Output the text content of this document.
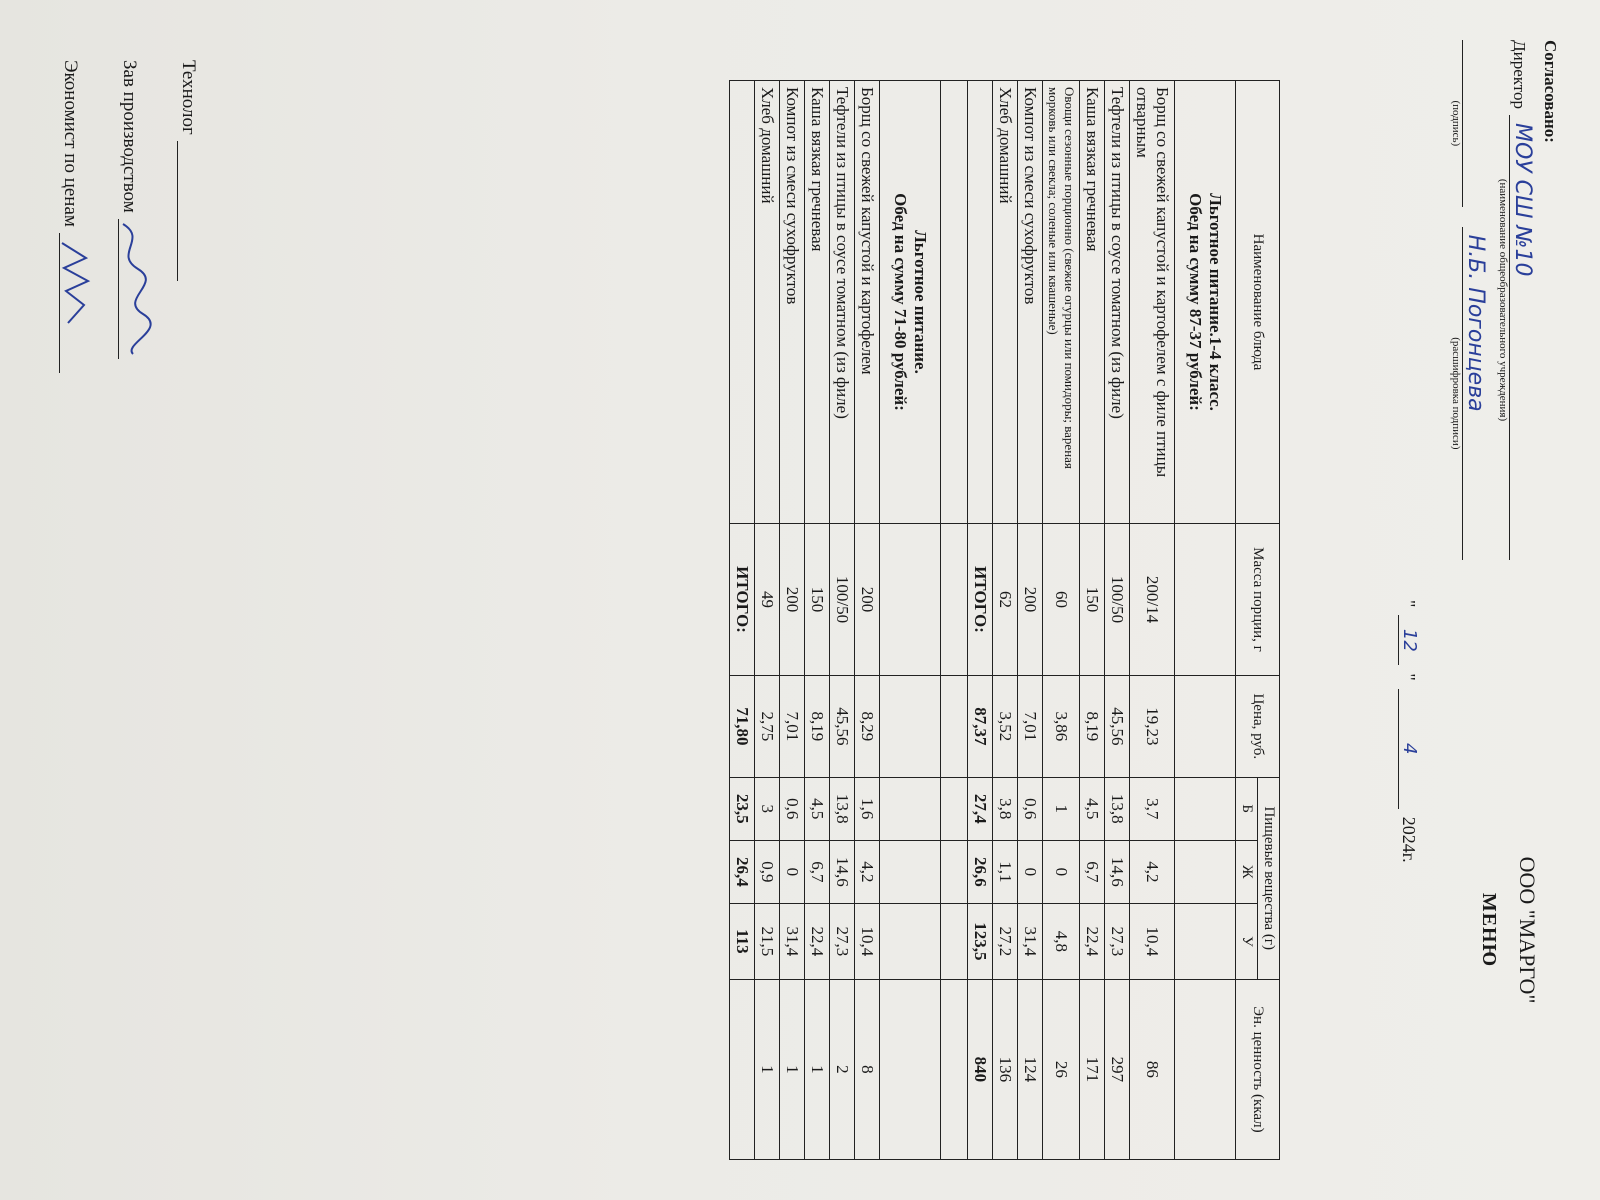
Согласовано:
Директор
МОУ СШ №10
(наименование общеобразовательного учреждения)
(подпись)
Н.Б. Погонцева
(расшифровка подписи)
ООО "МАРГО"
МЕНЮ
"
12
"
4
2024г.
Наименование блюда	Масса порции, г	Цена, руб.	Пищевые вещества (г)			Эн. ценность (ккал)
			Б	Ж	У	

Льготное питание.1-4 класс.
Обед на сумму 87-37 рублей:						

Борщ со свежей капустой и картофелем с филе птицы отварным	200/14	19,23	3,7	4,2	10,4	86
Тефтели из птицы в соусе томатном (из филе)	100/50	45,56	13,8	14,6	27,3	297
Каша вязкая гречневая	150	8,19	4,5	6,7	22,4	171
Овощи сезонные порционно (свежие огурцы или помидоры; вареная морковь или свекла; соленые или квашеные)	60	3,86	1	0	4,8	26
Компот из смеси сухофруктов	200	7,01	0,6	0	31,4	124
Хлеб домашний	62	3,52	3,8	1,1	27,2	136
	ИТОГО:	87,37	27,4	26,6	123,5	840

Льготное питание.
Обед на сумму 71-80 рублей:						

Борщ со свежей капустой и картофелем	200	8,29	1,6	4,2	10,4	8
Тефтели из птицы в соусе томатном (из филе)	100/50	45,56	13,8	14,6	27,3	2
Каша вязкая гречневая	150	8,19	4,5	6,7	22,4	1
Компот из смеси сухофруктов	200	7,01	0,6	0	31,4	1
Хлеб домашний	49	2,75	3	0,9	21,5	1
	ИТОГО:	71,80	23,5	26,4	113	
Технолог
Зав производством
Экономист по ценам
